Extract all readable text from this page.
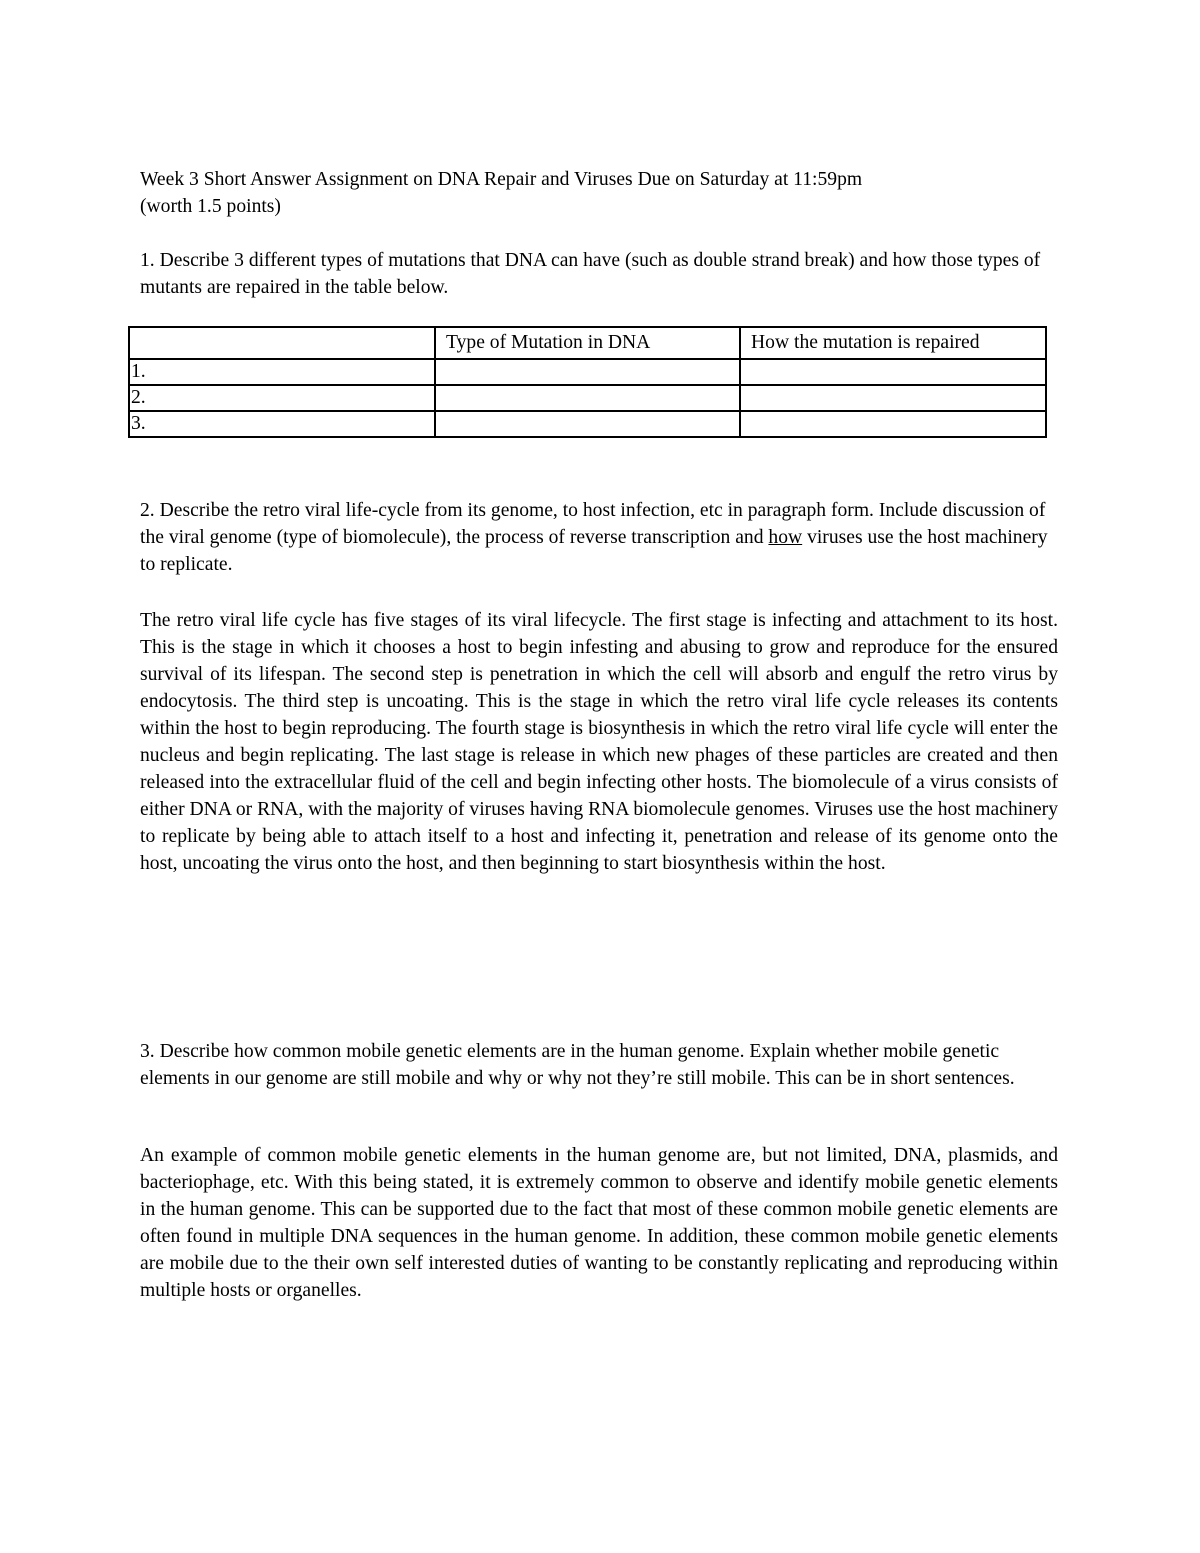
Week 3 Short Answer Assignment on DNA Repair and Viruses Due on Saturday at 11:59pm
(worth 1.5 points)

1. Describe 3 different types of mutations that DNA can have (such as double strand break) and how those types of mutants are repaired in the table below.

	Type of Mutation in DNA	How the mutation is repaired
1.		
2.		
3.		

2. Describe the retro viral life-cycle from its genome, to host infection, etc in paragraph form. Include discussion of the viral genome (type of biomolecule), the process of reverse transcription and how viruses use the host machinery to replicate.

The retro viral life cycle has five stages of its viral lifecycle. The first stage is infecting and attachment to its host. This is the stage in which it chooses a host to begin infesting and abusing to grow and reproduce for the ensured survival of its lifespan. The second step is penetration in which the cell will absorb and engulf the retro virus by endocytosis. The third step is uncoating. This is the stage in which the retro viral life cycle releases its contents within the host to begin reproducing. The fourth stage is biosynthesis in which the retro viral life cycle will enter the nucleus and begin replicating. The last stage is release in which new phages of these particles are created and then released into the extracellular fluid of the cell and begin infecting other hosts. The biomolecule of a virus consists of either DNA or RNA, with the majority of viruses having RNA biomolecule genomes. Viruses use the host machinery to replicate by being able to attach itself to a host and infecting it, penetration and release of its genome onto the host, uncoating the virus onto the host, and then beginning to start biosynthesis within the host.

3. Describe how common mobile genetic elements are in the human genome. Explain whether mobile genetic elements in our genome are still mobile and why or why not they’re still mobile. This can be in short sentences.

An example of common mobile genetic elements in the human genome are, but not limited, DNA, plasmids, and bacteriophage, etc. With this being stated, it is extremely common to observe and identify mobile genetic elements in the human genome. This can be supported due to the fact that most of these common mobile genetic elements are often found in multiple DNA sequences in the human genome. In addition, these common mobile genetic elements are mobile due to the their own self interested duties of wanting to be constantly replicating and reproducing within multiple hosts or organelles.
